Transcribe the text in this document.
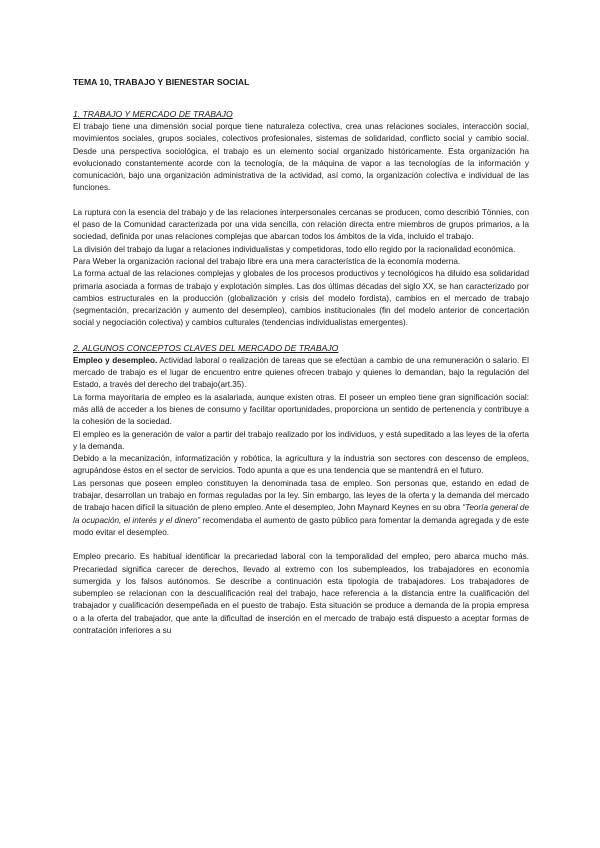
TEMA 10, TRABAJO Y BIENESTAR SOCIAL
1. TRABAJO Y MERCADO DE TRABAJO

El trabajo tiene una dimensión social porque tiene naturaleza colectiva, crea unas relaciones sociales, interacción social, movimientos sociales, grupos sociales, colectivos profesionales, sistemas de solidaridad, conflicto social y cambio social. Desde una perspectiva sociológica, el trabajo es un elemento social organizado históricamente. Esta organización ha evolucionado constantemente acorde con la tecnología, de la máquina de vapor a las tecnologías de la información y comunicación, bajo una organización administrativa de la actividad, así como, la organización colectiva e individual de las funciones.

La ruptura con la esencia del trabajo y de las relaciones interpersonales cercanas se producen, como describió Tönnies, con el paso de la Comunidad caracterizada por una vida sencilla, con relación directa entre miembros de grupos primarios, a la sociedad, definida por unas relaciones complejas que abarcan todos los ámbitos de la vida, incluido el trabajo.

La división del trabajo da lugar a relaciones individualistas y competidoras, todo ello regido por la racionalidad económica.

Para Weber la organización racional del trabajo libre era una mera característica de la economía moderna.

La forma actual de las relaciones complejas y globales de los procesos productivos y tecnológicos ha diluido esa solidaridad primaria asociada a formas de trabajo y explotación simples. Las dos últimas décadas del siglo XX, se han caracterizado por cambios estructurales en la producción (globalización y crisis del modelo fordista), cambios en el mercado de trabajo (segmentación, precarización y aumento del desempleo), cambios institucionales (fin del modelo anterior de concertación social y negociación colectiva) y cambios culturales (tendencias individualistas emergentes).

2. ALGUNOS CONCEPTOS CLAVES DEL MERCADO DE TRABAJO

Empleo y desempleo. Actividad laboral o realización de tareas que se efectúan a cambio de una remuneración o salario. El mercado de trabajo es el lugar de encuentro entre quienes ofrecen trabajo y quienes lo demandan, bajo la regulación del Estado, a través del derecho del trabajo(art.35).

La forma mayoritaria de empleo es la asalariada, aunque existen otras. El poseer un empleo tiene gran significación social: más allá de acceder a los bienes de consumo y facilitar oportunidades, proporciona un sentido de pertenencia y contribuye a la cohesión de la sociedad.

El empleo es la generación de valor a partir del trabajo realizado por los individuos, y está supeditado a las leyes de la oferta y la demanda.

Debido a la mecanización, informatización y robótica, la agricultura y la industria son sectores con descenso de empleos, agrupándose éstos en el sector de servicios. Todo apunta a que es una tendencia que se mantendrá en el futuro.

Las personas que poseen empleo constituyen la denominada tasa de empleo. Son personas que, estando en edad de trabajar, desarrollan un trabajo en formas reguladas por la ley. Sin embargo, las leyes de la oferta y la demanda del mercado de trabajo hacen difícil la situación de pleno empleo. Ante el desempleo, John Maynard Keynes en su obra “Teoría general de la ocupación, el interés y el dinero” recomendaba el aumento de gasto público para fomentar la demanda agregada y de este modo evitar el desempleo.

Empleo precario. Es habitual identificar la precariedad laboral con la temporalidad del empleo, pero abarca mucho más. Precariedad significa carecer de derechos, llevado al extremo con los subempleados, los trabajadores en economía sumergida y los falsos autónomos. Se describe a continuación esta tipología de trabajadores. Los trabajadores de subempleo se relacionan con la descualificación real del trabajo, hace referencia a la distancia entre la cualificación del trabajador y cualificación desempeñada en el puesto de trabajo. Esta situación se produce a demanda de la propia empresa o a la oferta del trabajador, que ante la dificultad de inserción en el mercado de trabajo está dispuesto a aceptar formas de contratación inferiores a su
